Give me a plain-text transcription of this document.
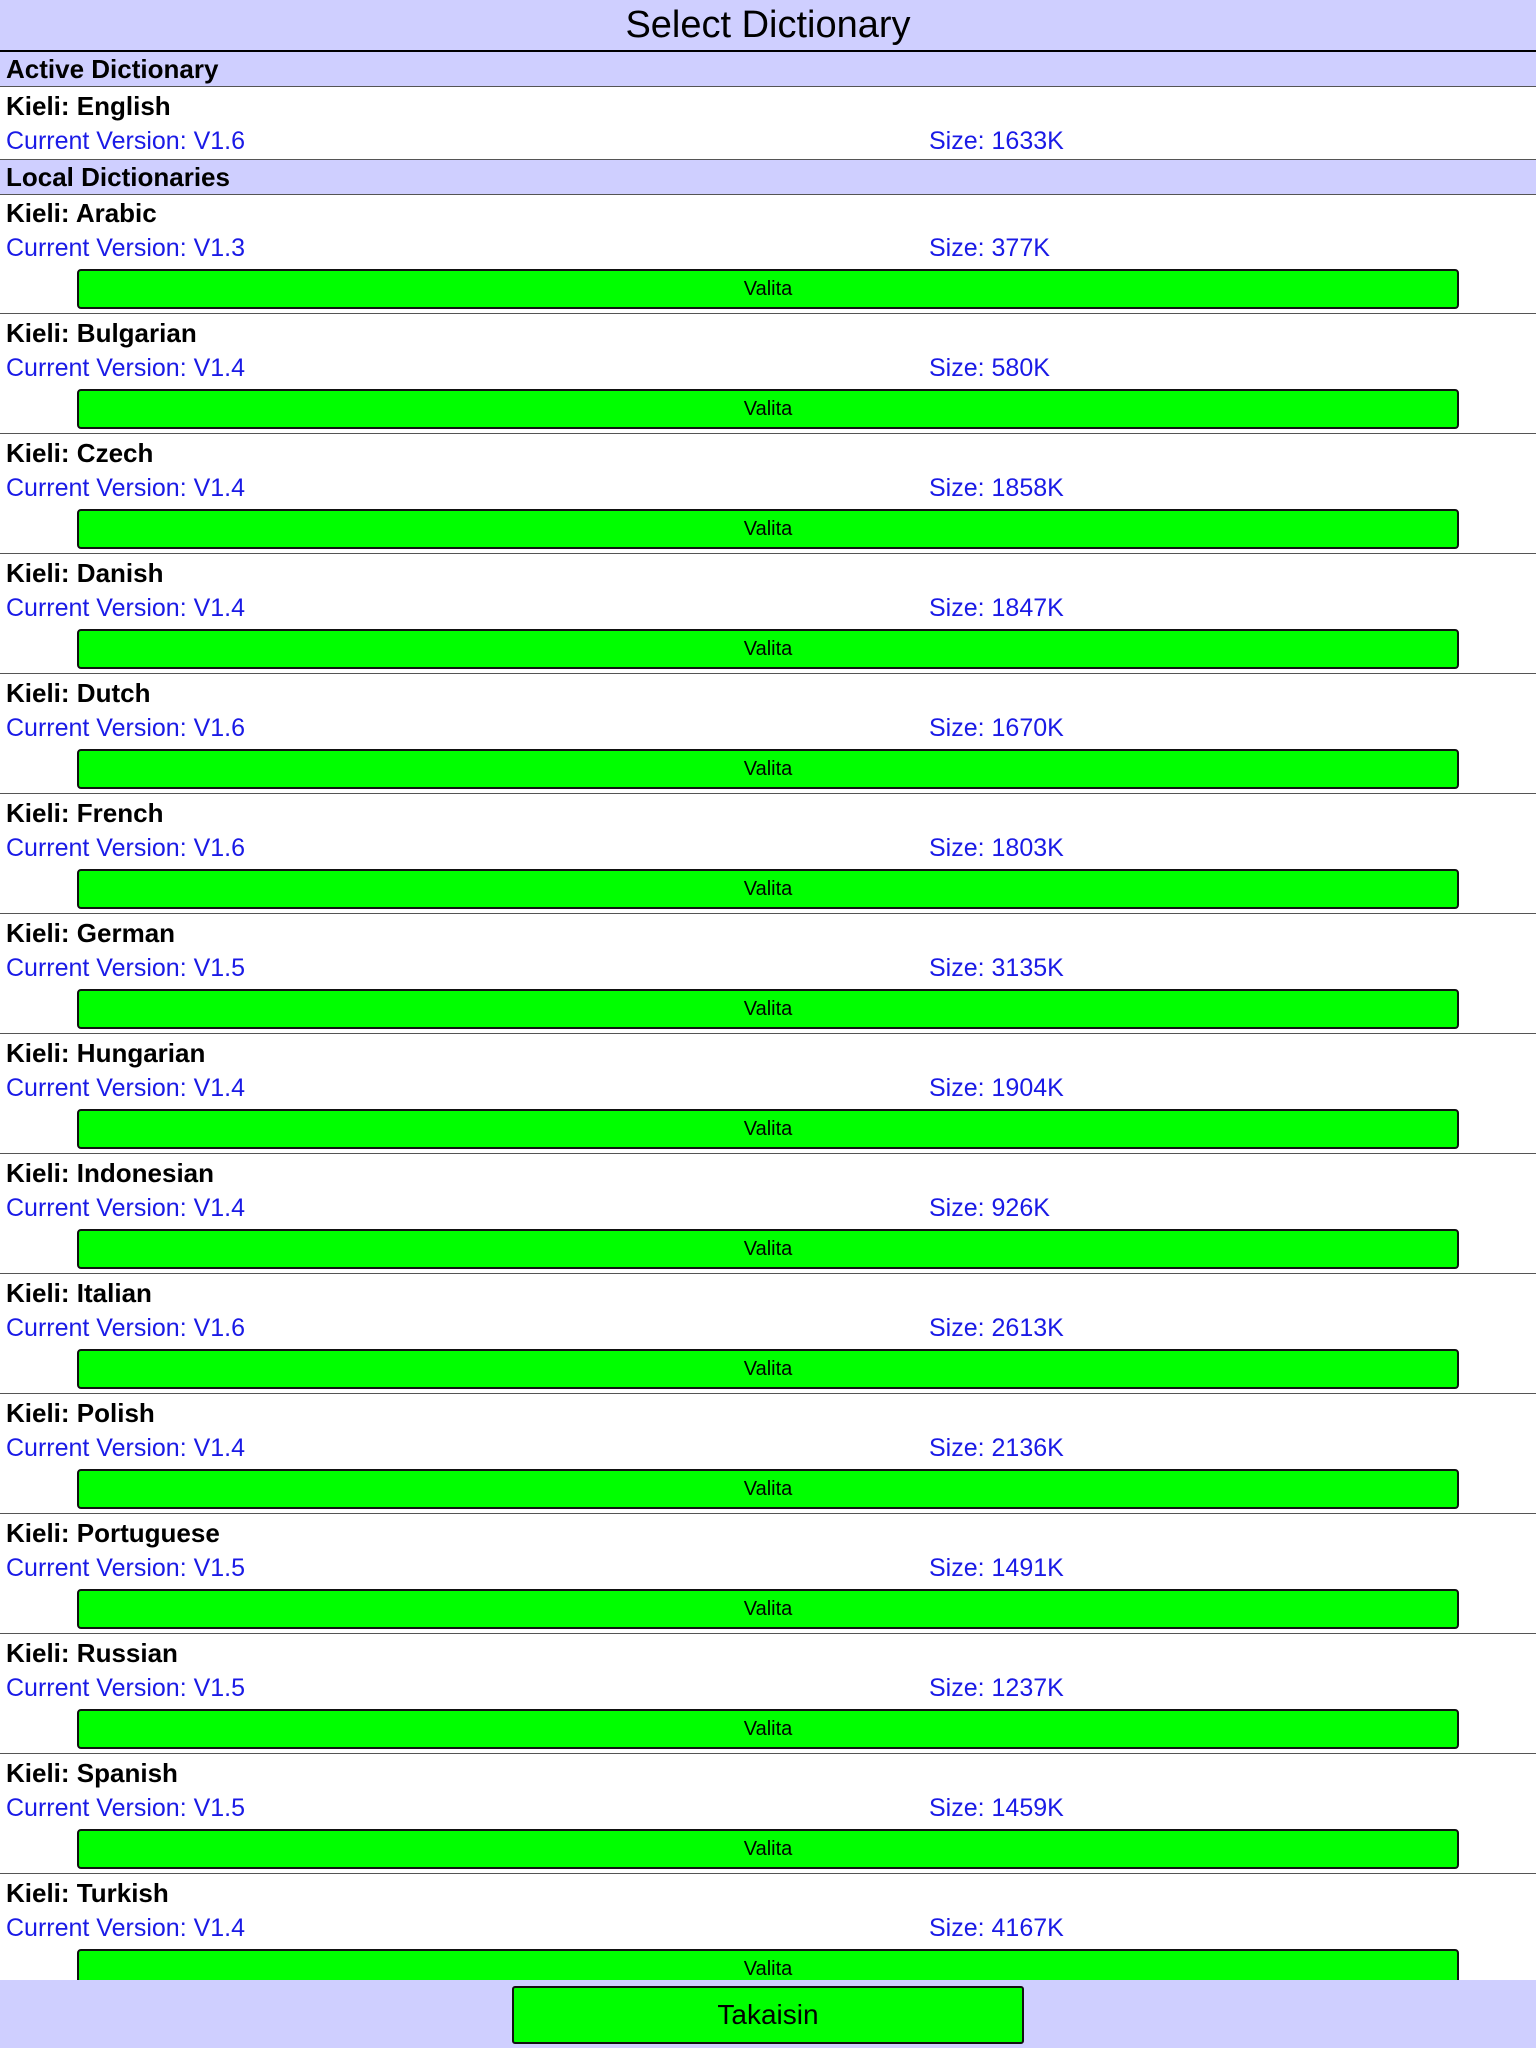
Select Dictionary
Active Dictionary
Kieli: English
Current Version: V1.6	Size: 1633K
Local Dictionaries
Kieli: Arabic
Current Version: V1.3	Size: 377K
Valita
Kieli: Bulgarian
Current Version: V1.4	Size: 580K
Valita
Kieli: Czech
Current Version: V1.4	Size: 1858K
Valita
Kieli: Danish
Current Version: V1.4	Size: 1847K
Valita
Kieli: Dutch
Current Version: V1.6	Size: 1670K
Valita
Kieli: French
Current Version: V1.6	Size: 1803K
Valita
Kieli: German
Current Version: V1.5	Size: 3135K
Valita
Kieli: Hungarian
Current Version: V1.4	Size: 1904K
Valita
Kieli: Indonesian
Current Version: V1.4	Size: 926K
Valita
Kieli: Italian
Current Version: V1.6	Size: 2613K
Valita
Kieli: Polish
Current Version: V1.4	Size: 2136K
Valita
Kieli: Portuguese
Current Version: V1.5	Size: 1491K
Valita
Kieli: Russian
Current Version: V1.5	Size: 1237K
Valita
Kieli: Spanish
Current Version: V1.5	Size: 1459K
Valita
Kieli: Turkish
Current Version: V1.4	Size: 4167K
Valita
Takaisin
